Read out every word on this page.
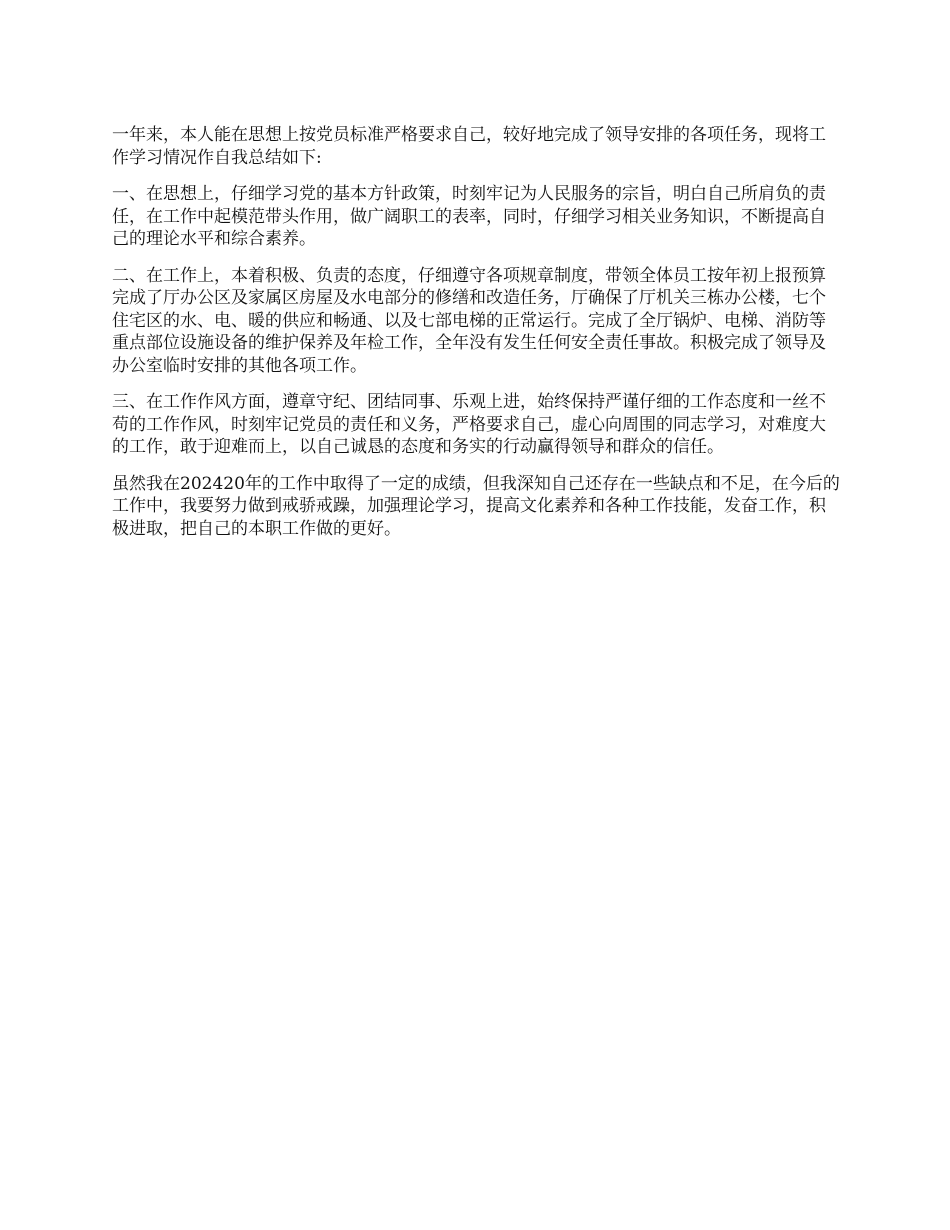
一年来，本人能在思想上按党员标准严格要求自己，较好地完成了领导安排的各项任务，现将工作学习情况作自我总结如下:

一、在思想上，仔细学习党的基本方针政策，时刻牢记为人民服务的宗旨，明白自己所肩负的责任，在工作中起模范带头作用，做广阔职工的表率，同时，仔细学习相关业务知识，不断提高自己的理论水平和综合素养。

二、在工作上，本着积极、负责的态度，仔细遵守各项规章制度，带领全体员工按年初上报预算完成了厅办公区及家属区房屋及水电部分的修缮和改造任务，厅确保了厅机关三栋办公楼，七个住宅区的水、电、暖的供应和畅通、以及七部电梯的正常运行。完成了全厅锅炉、电梯、消防等重点部位设施设备的维护保养及年检工作，全年没有发生任何安全责任事故。积极完成了领导及办公室临时安排的其他各项工作。

三、在工作作风方面，遵章守纪、团结同事、乐观上进，始终保持严谨仔细的工作态度和一丝不苟的工作作风，时刻牢记党员的责任和义务，严格要求自己，虚心向周围的同志学习，对难度大的工作，敢于迎难而上，以自己诚恳的态度和务实的行动赢得领导和群众的信任。

虽然我在202420年的工作中取得了一定的成绩，但我深知自己还存在一些缺点和不足，在今后的工作中，我要努力做到戒骄戒躁，加强理论学习，提高文化素养和各种工作技能，发奋工作，积极进取，把自己的本职工作做的更好。
